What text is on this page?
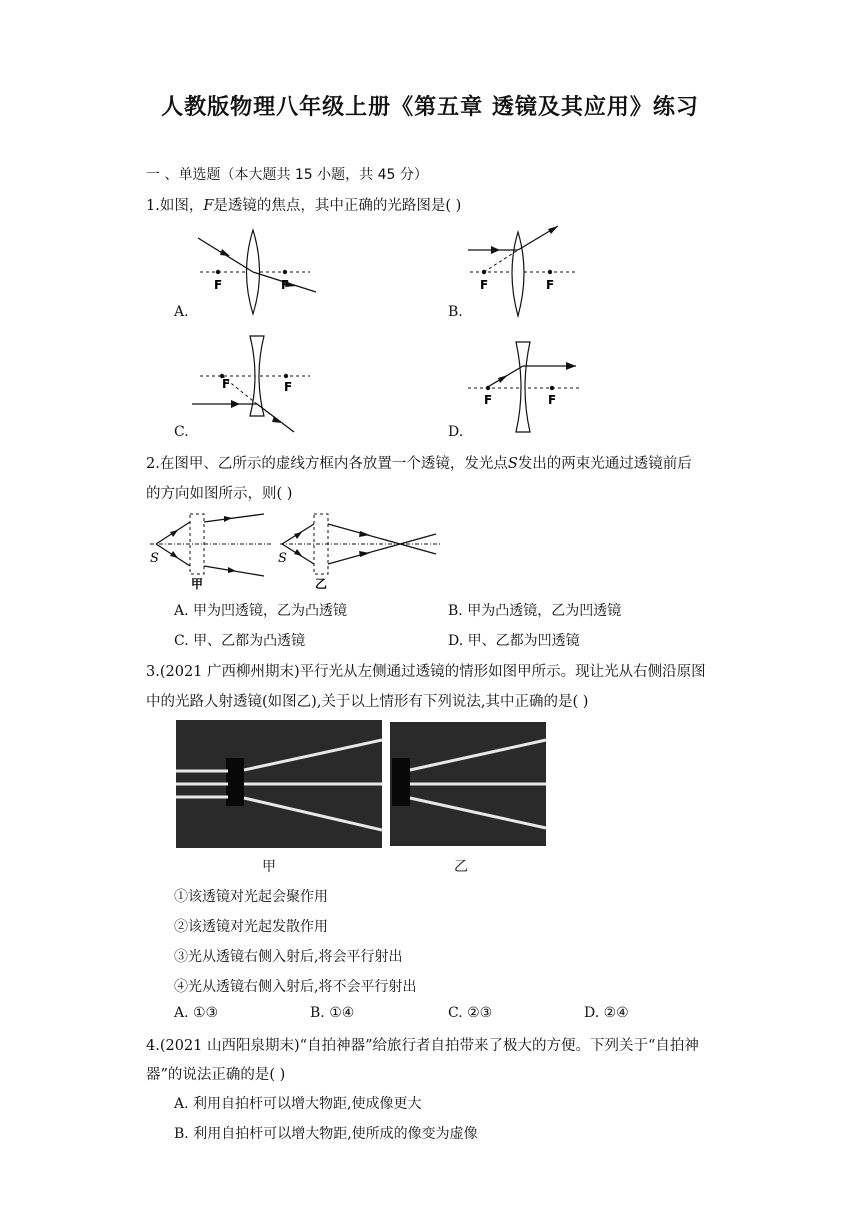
人教版物理八年级上册《第五章 透镜及其应用》练习
一 、单选题（本大题共 15 小题，共 45 分）
1.如图，F是透镜的焦点，其中正确的光路图是( )
F	F
A.
F	F
B.
F	F
C.
F	F
D.
2.在图甲、乙所示的虚线方框内各放置一个透镜，发光点S发出的两束光通过透镜前后
的方向如图所示，则( )
S
甲
S
乙
A. 甲为凹透镜，乙为凸透镜	B. 甲为凸透镜，乙为凹透镜
C. 甲、乙都为凸透镜	D. 甲、乙都为凹透镜
3.(2021 广西柳州期末)平行光从左侧通过透镜的情形如图甲所示。现让光从右侧沿原图
中的光路人射透镜(如图乙),关于以上情形有下列说法,其中正确的是( )
甲	乙
①该透镜对光起会聚作用
②该透镜对光起发散作用
③光从透镜右侧入射后,将会平行射出
④光从透镜右侧入射后,将不会平行射出
A. ①③	B. ①④	C. ②③	D. ②④
4.(2021 山西阳泉期末)“自拍神器”给旅行者自拍带来了极大的方便。下列关于“自拍神
器”的说法正确的是( )
A. 利用自拍杆可以增大物距,使成像更大
B. 利用自拍杆可以增大物距,使所成的像变为虚像
